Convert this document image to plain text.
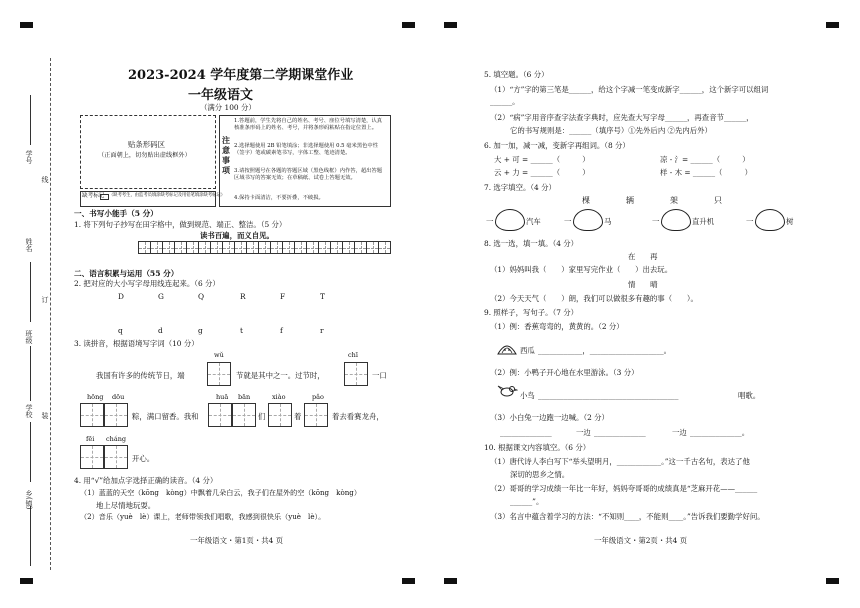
学号
线
姓名
订
班级
装
学校
乡(镇)
2023-2024 学年度第二学期课堂作业
一年级语文
（满分 100 分）
贴条形码区
（正面朝上，切勿贴出虚线框外）
缺考标记 （缺考考生，由监考员填涂缺考标记及用铅笔填涂缺考标记）
注意事项
1.答题前，学生先将自己的姓名、考号、座位号填写清楚，认真核准条形码上的姓名、考号，并将条形码粘贴在指定位置上。
2.选择题使用 2B 铅笔填涂；非选择题使用 0.5 毫米黑色中性（签字）笔或碳素笔书写，字体工整、笔迹清楚。
3.请按照题号在各题的答题区域（黑色线框）内作答，超出答题区域书写的答案无效；在草稿纸、试卷上答题无效。
4.保持卡面清洁，不要折叠，不破损。
一、书写小能手（5 分）
1. 将下列句子抄写在田字格中，做到规范、端正、整洁。（5 分）
读书百遍，而义自见。
二、语言积累与运用（55 分）
2. 把对应的大小写字母用线连起来。（6 分）
D	G	Q	R	F	T
q	d	g	t	f	r
3. 读拼音，根据语境写字词（10 分）
wǔ	chī
我国有许多的传统节日，端	节就是其中之一。过节时，	一口
hōng dōu	huā bān	xiào	pǎo
粽，满口留香。我和	们	着	着去看赛龙舟，
fēi cháng
开心。
4. 用“√”给加点字选择正确的读音。（4 分）
（1）蓝蓝的天空（kōng　kòng）中飘着几朵白云，我子们在屋外的空（kōng　kòng）
地上尽情地玩耍。
（2）音乐（yuè　lè）课上，老师带领我们唱歌，我感到很快乐（yuè　lè）。
一年级语文・第1页・共4 页
5. 填空题。（6 分）
（1）“方”字的第三笔是______，给这个字减一笔变成新字______，这个新字可以组词______。
（2）“病”字用音序查字法查字典时，应先查大写字母______，再查音节______，
它的书写规则是：______（填序号）①先外后内 ②先内后外）
6. 加一加，减一减，变新字再组词。（8 分）
大 + 可 = ______（　　　）	凉 - 氵= ______（　　　）
云 + 力 = ______（　　　）	样 - 木 = ______（　　　）
7. 选字填空。（4 分）
棵	辆	架	只
一	汽车	一	马	一	直升机	一	树
8. 选一选，填一填。（4 分）
在　　再
（1）妈妈叫我（　　）家里写完作业（　　）出去玩。
情　　晴
（2）今天天气（　　）朗，我们可以做很多有趣的事（　　）。
9. 照样子，写句子。（7 分）
（1）例：香蕉弯弯的，黄黄的。（2 分）
西瓜 ____________，____________________。
（2）例：小鸭子开心地在水里游泳。（3 分）
小鸟 ______________________________________	唱歌。
（3）小白兔一边跑一边喊。（2 分）
______________	一边 ______________	一边 ______________。
10. 根据课文内容填空。（6 分）
（1）唐代诗人李白写下“举头望明月，____________。”这一千古名句，表达了他
深切的思乡之情。
（2）哥哥的学习成绩一年比一年好，妈妈夸哥哥的成绩真是“芝麻开花——______
______”。
（3）名言中蕴含着学习的方法：“不知则____，不能则____。”告诉我们要勤学好问。
一年级语文・第2页・共4 页
